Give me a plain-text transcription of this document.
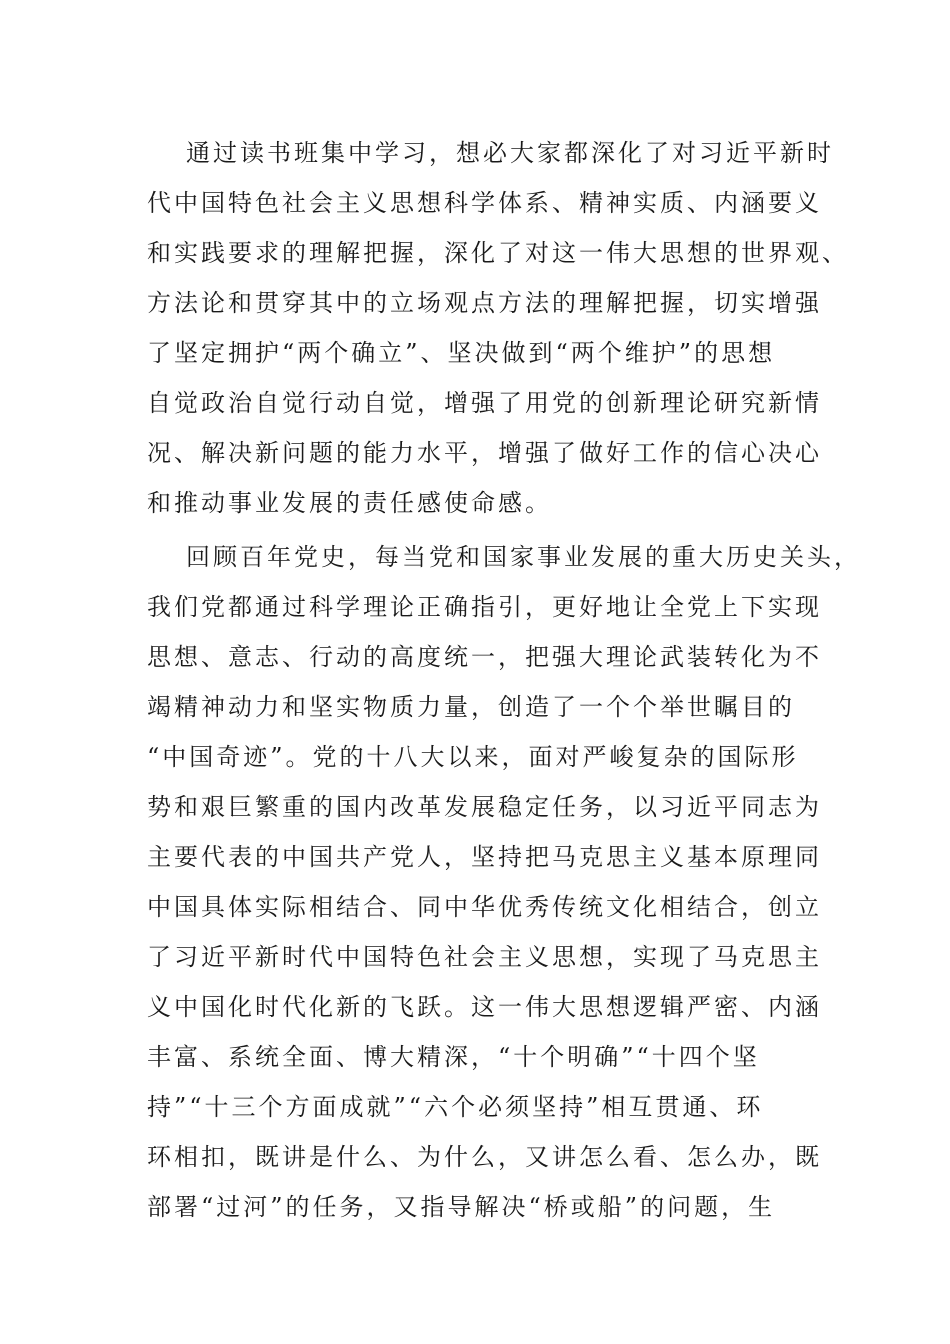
通过读书班集中学习，想必大家都深化了对习近平新时
代中国特色社会主义思想科学体系、精神实质、内涵要义
和实践要求的理解把握，深化了对这一伟大思想的世界观、
方法论和贯穿其中的立场观点方法的理解把握，切实增强
了坚定拥护“两个确立”、坚决做到“两个维护”的思想
自觉政治自觉行动自觉，增强了用党的创新理论研究新情
况、解决新问题的能力水平，增强了做好工作的信心决心
和推动事业发展的责任感使命感。
回顾百年党史，每当党和国家事业发展的重大历史关头，
我们党都通过科学理论正确指引，更好地让全党上下实现
思想、意志、行动的高度统一，把强大理论武装转化为不
竭精神动力和坚实物质力量，创造了一个个举世瞩目的
“中国奇迹”。党的十八大以来，面对严峻复杂的国际形
势和艰巨繁重的国内改革发展稳定任务，以习近平同志为
主要代表的中国共产党人，坚持把马克思主义基本原理同
中国具体实际相结合、同中华优秀传统文化相结合，创立
了习近平新时代中国特色社会主义思想，实现了马克思主
义中国化时代化新的飞跃。这一伟大思想逻辑严密、内涵
丰富、系统全面、博大精深，“十个明确”“十四个坚
持”“十三个方面成就”“六个必须坚持”相互贯通、环
环相扣，既讲是什么、为什么，又讲怎么看、怎么办，既
部署“过河”的任务，又指导解决“桥或船”的问题，生
